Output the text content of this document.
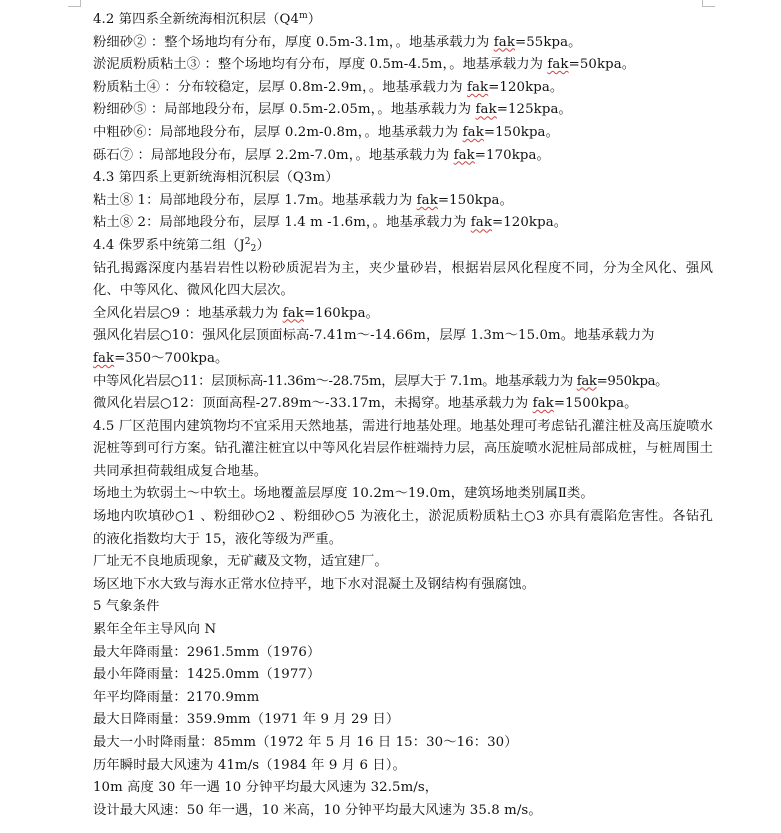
4.2 第四系全新统海相沉积层（Q4$^m$）
粉细砂② ：整个场地均有分布，厚度 0.5m-3.1m，。地基承载力为 fak=55kpa。
淤泥质粉质粘土③ ：整个场地均有分布，厚度 0.5m-4.5m，。地基承载力为 fak=50kpa。
粉质粘土④ ：分布较稳定，层厚 0.8m-2.9m，。地基承载力为 fak=120kpa。
粉细砂⑤ ：局部地段分布，层厚 0.5m-2.05m，。地基承载力为 fak=125kpa。
中粗砂⑥：局部地段分布，层厚 0.2m-0.8m，。地基承载力为 fak=150kpa。
砾石⑦ ：局部地段分布，层厚 2.2m-7.0m，。地基承载力为 fak=170kpa。
4.3 第四系上更新统海相沉积层（Q3m）
粘土⑧ 1：局部地段分布，层厚 1.7m。地基承载力为 fak=150kpa。
粘土⑧ 2：局部地段分布，层厚 1.4 m -1.6m，。地基承载力为 fak=120kpa。
4.4 侏罗系中统第二组$(J^2_2)$
钻孔揭露深度内基岩岩性以粉砂质泥岩为主，夹少量砂岩，根据岩层风化程度不同，分为全风化、强风化、中等风化、微风化四大层次。
全风化岩层○9 ：地基承载力为 fak=160kpa。
强风化岩层○10：强风化层顶面标高-7.41m～-14.66m，层厚 1.3m～15.0m。地基承载力为
fak=350～700kpa。
中等风化岩层○11：层顶标高-11.36m～-28.75m，层厚大于 7.1m。地基承载力为 fak=950kpa。
微风化岩层○12：顶面高程-27.89m～-33.17m，未揭穿。地基承载力为 fak=1500kpa。
4.5 厂区范围内建筑物均不宜采用天然地基，需进行地基处理。地基处理可考虑钻孔灌注桩及高压旋喷水泥桩等到可行方案。钻孔灌注桩宜以中等风化岩层作桩端持力层，高压旋喷水泥桩局部成桩，与桩周围土共同承担荷载组成复合地基。
场地土为软弱土～中软土。场地覆盖层厚度 10.2m～19.0m，建筑场地类别属Ⅱ类。
场地内吹填砂○1 、粉细砂○2 、粉细砂○5 为液化土，淤泥质粉质粘土○3 亦具有震陷危害性。各钻孔的液化指数均大于 15，液化等级为严重。
厂址无不良地质现象，无矿藏及文物，适宜建厂。
场区地下水大致与海水正常水位持平，地下水对混凝土及钢结构有强腐蚀。
5 气象条件
累年全年主导风向 N
最大年降雨量：2961.5mm（1976）
最小年降雨量：1425.0mm（1977）
年平均降雨量：2170.9mm
最大日降雨量：359.9mm（1971 年 9 月 29 日）
最大一小时降雨量：85mm（1972 年 5 月 16 日 15：30～16：30）
历年瞬时最大风速为 41m/s（1984 年 9 月 6 日）。
10m 高度 30 年一遇 10 分钟平均最大风速为 32.5m/s，
设计最大风速：50 年一遇，10 米高，10 分钟平均最大风速为 35.8 m/s。
